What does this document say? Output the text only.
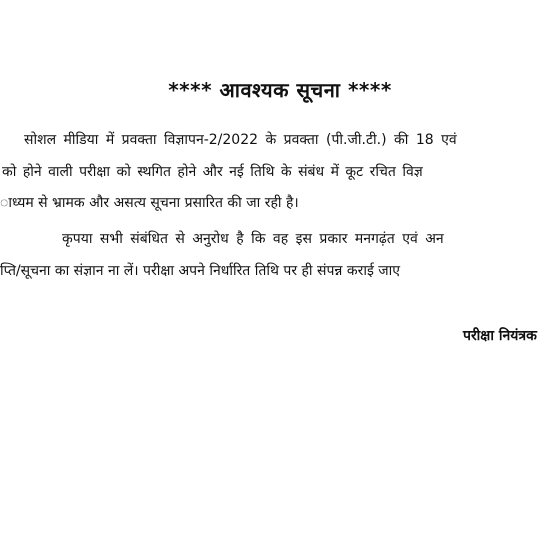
**** आवश्यक सूचना ****
सोशल मीडिया में प्रवक्ता विज्ञापन-2/2022 के प्रवक्ता (पी.जी.टी.) की 18 एवं
को होने वाली परीक्षा को स्थगित होने और नई तिथि के संबंध में कूट रचित विज्ञ
ाध्यम से भ्रामक और असत्य सूचना प्रसारित की जा रही है।
कृपया सभी संबंधित से अनुरोध है कि वह इस प्रकार मनगढ़ंत एवं अन
प्ति/सूचना का संज्ञान ना लें। परीक्षा अपने निर्धारित तिथि पर ही संपन्न कराई जाए
परीक्षा नियंत्रक
